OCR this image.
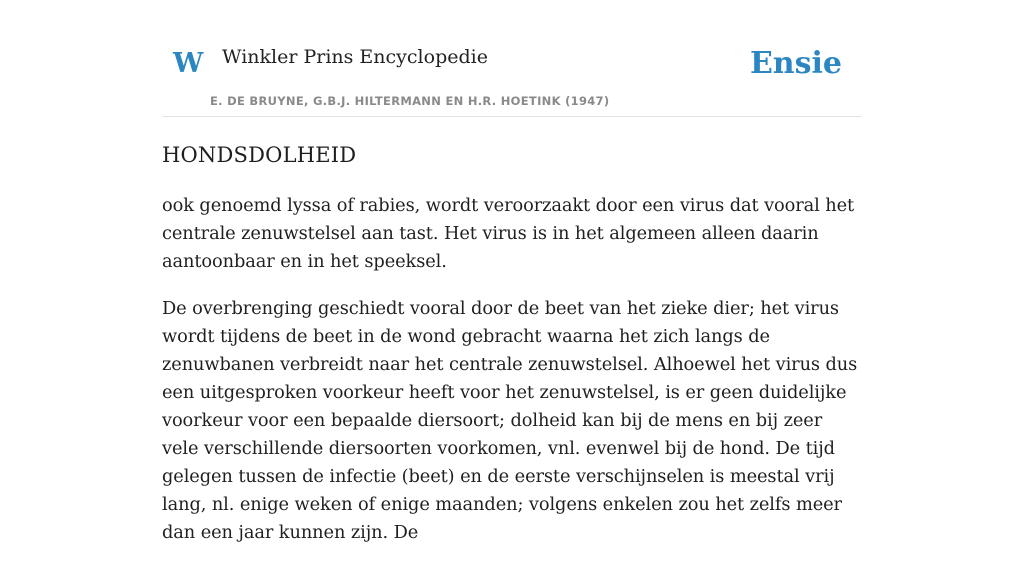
W Winkler Prins Encyclopedie
E. DE BRUYNE, G.B.J. HILTERMANN EN H.R. HOETINK (1947)
Ensie
HONDSDOLHEID

ook genoemd lyssa of rabies, wordt veroorzaakt door een virus dat vooral het centrale zenuwstelsel aan tast. Het virus is in het algemeen alleen daarin aantoonbaar en in het speeksel.

De overbrenging geschiedt vooral door de beet van het zieke dier; het virus wordt tijdens de beet in de wond gebracht waarna het zich langs de zenuwbanen verbreidt naar het centrale zenuwstelsel. Alhoewel het virus dus een uitgesproken voorkeur heeft voor het zenuwstelsel, is er geen duidelijke voorkeur voor een bepaalde diersoort; dolheid kan bij de mens en bij zeer vele verschillende diersoorten voorkomen, vnl. evenwel bij de hond. De tijd gelegen tussen de infectie (beet) en de eerste verschijnselen is meestal vrij lang, nl. enige weken of enige maanden; volgens enkelen zou het zelfs meer dan een jaar kunnen zijn. De
